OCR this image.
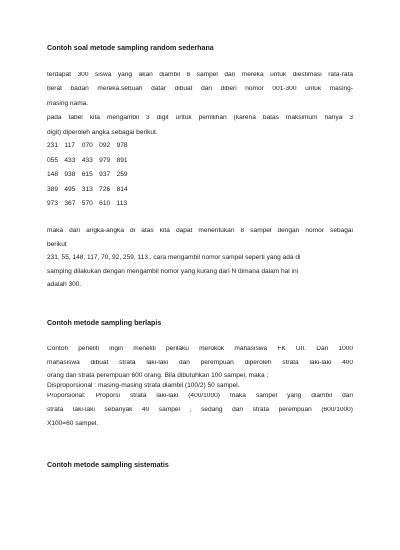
Contoh soal metode sampling random sederhana
terdapat 300 siswa yang akan diambil 8 sampel dari mereka untuk diestimasi rata-rata
berat badan mereka.sebuah datar dibuat dan diberi nomor 001-300 untuk masing-
masing nama.
pada tabel kita mengambil 3 digit untuk pemilihan (karena batas maksimum hanya 3
digit) diperoleh angka sebagai berikut.
231 117 070 092 978
055 433 433 979 891
148 938 615 937 259
389 495 313 726 814
973 367 570 610 113
maka dari angka-angka di atas kita dapat menentukan 8 sampel dengan nomor sebagai
berikut
231, 55, 148, 117, 70, 92, 259, 113 . cara mengambil nomor sampel seperti yang ada di
samping dilakukan dengan mengambil nomor yang kurang dari N dimana dalam hal ini
adalah 300.
Contoh metode sampling berlapis
Contoh peneliti ingin meneliti perilaku merokok mahasiswa FK UII. Dari 1000
mahasiswa dibuat strata laki-laki dan perempuan diperoleh strata laki-laki 400
orang dan strata perempuan 600 orang. Bila dibutuhkan 100 sampel, maka ;
Disproporsional : masing-masing strata diambil (100/2) 50 sampel.
Proporsional: Proporsi strata laki-laki (400/1000) maka sampel yang diambil dari
strata laki-laki sebanyak 40 sampel , sedang dari strata perempuan (600/1000)
X100=60 sampel.
Contoh metode sampling sistematis
